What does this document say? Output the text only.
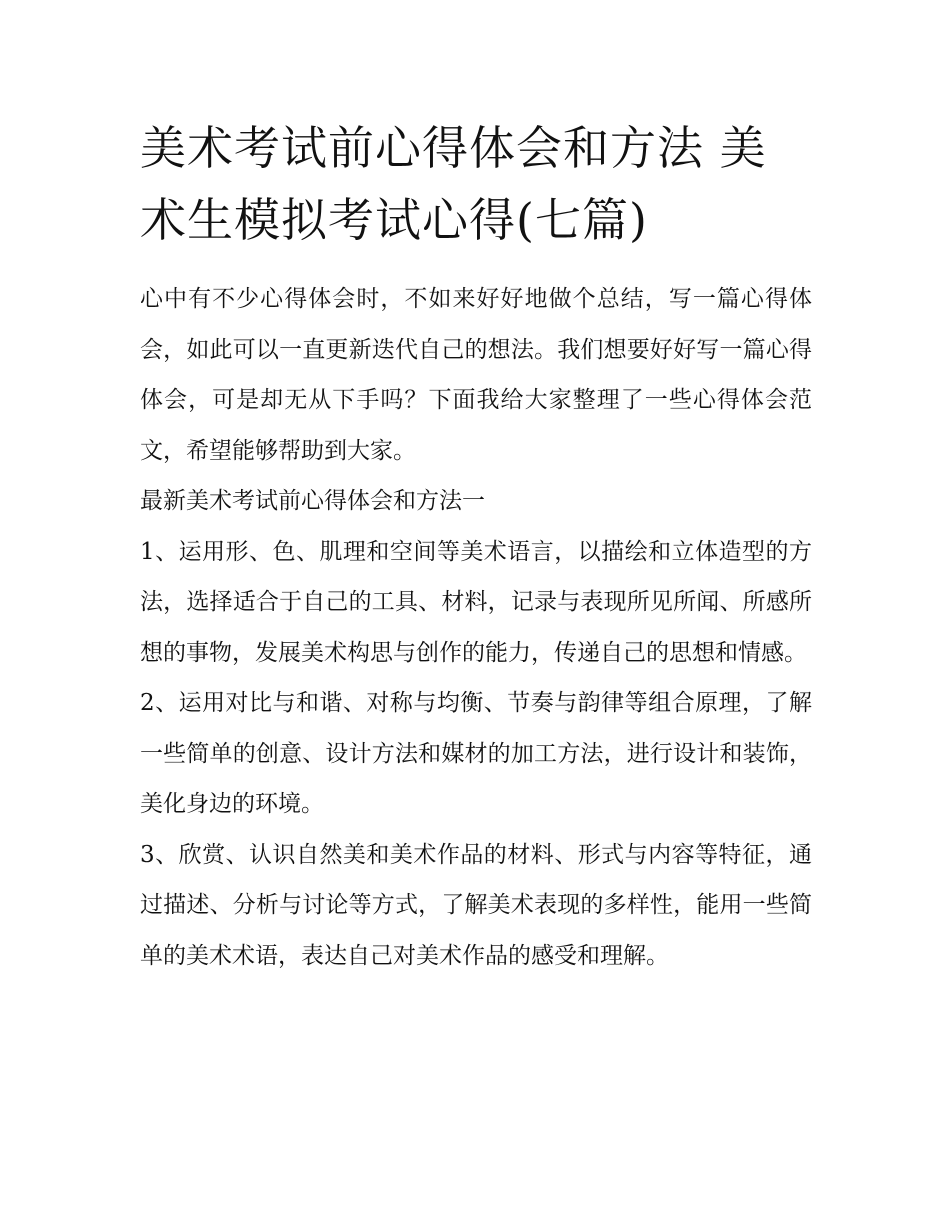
美术考试前心得体会和方法 美术生模拟考试心得(七篇)

心中有不少心得体会时，不如来好好地做个总结，写一篇心得体会，如此可以一直更新迭代自己的想法。我们想要好好写一篇心得体会，可是却无从下手吗？下面我给大家整理了一些心得体会范文，希望能够帮助到大家。

最新美术考试前心得体会和方法一

1、运用形、色、肌理和空间等美术语言，以描绘和立体造型的方法，选择适合于自己的工具、材料，记录与表现所见所闻、所感所想的事物，发展美术构思与创作的能力，传递自己的思想和情感。

2、运用对比与和谐、对称与均衡、节奏与韵律等组合原理，了解一些简单的创意、设计方法和媒材的加工方法，进行设计和装饰，美化身边的环境。

3、欣赏、认识自然美和美术作品的材料、形式与内容等特征，通过描述、分析与讨论等方式，了解美术表现的多样性，能用一些简单的美术术语，表达自己对美术作品的感受和理解。
